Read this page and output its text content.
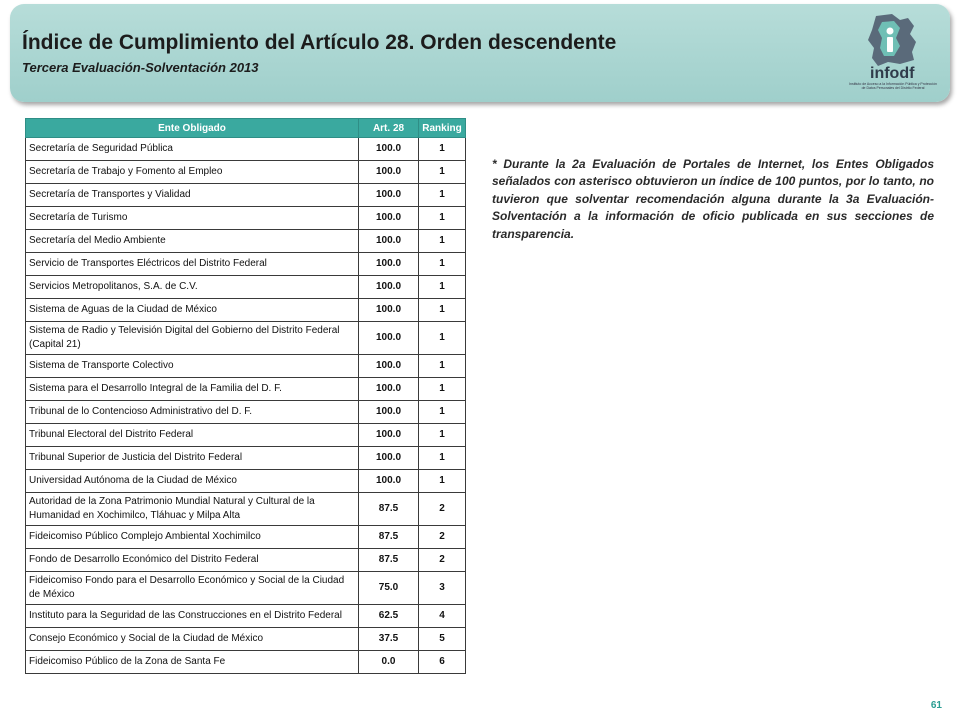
Índice de Cumplimiento del Artículo 28. Orden descendente
Tercera Evaluación-Solventación 2013	infodf
Instituto de Acceso a la Información Pública y Protección de Datos Personales del Distrito Federal
Ente Obligado	Art. 28	Ranking
Secretaría de Seguridad Pública	100.0	1
Secretaría de Trabajo y Fomento al Empleo	100.0	1
Secretaría de Transportes y Vialidad	100.0	1
Secretaría de Turismo	100.0	1
Secretaría del Medio Ambiente	100.0	1
Servicio de Transportes Eléctricos del Distrito Federal	100.0	1
Servicios Metropolitanos, S.A. de C.V.	100.0	1
Sistema de Aguas de la Ciudad de México	100.0	1
Sistema de Radio y Televisión Digital del Gobierno del Distrito Federal (Capital 21)	100.0	1
Sistema de Transporte Colectivo	100.0	1
Sistema para el Desarrollo Integral de la Familia del D. F.	100.0	1
Tribunal de lo Contencioso Administrativo del D. F.	100.0	1
Tribunal Electoral del Distrito Federal	100.0	1
Tribunal Superior de Justicia del Distrito Federal	100.0	1
Universidad Autónoma de la Ciudad de México	100.0	1
Autoridad de la Zona Patrimonio Mundial Natural y Cultural de la Humanidad en Xochimilco, Tláhuac y Milpa Alta	87.5	2
Fideicomiso Público Complejo Ambiental Xochimilco	87.5	2
Fondo de Desarrollo Económico del Distrito Federal	87.5	2
Fideicomiso Fondo para el Desarrollo Económico y Social de la Ciudad de México	75.0	3
Instituto para la Seguridad de las Construcciones en el Distrito Federal	62.5	4
Consejo Económico y Social de la Ciudad de México	37.5	5
Fideicomiso Público de la Zona de Santa Fe	0.0	6
* Durante la 2a Evaluación de Portales de Internet, los Entes Obligados señalados con asterisco obtuvieron un índice de 100 puntos, por lo tanto, no tuvieron que solventar recomendación alguna durante la 3a Evaluación-Solventación a la información de oficio publicada en sus secciones de transparencia.
61
